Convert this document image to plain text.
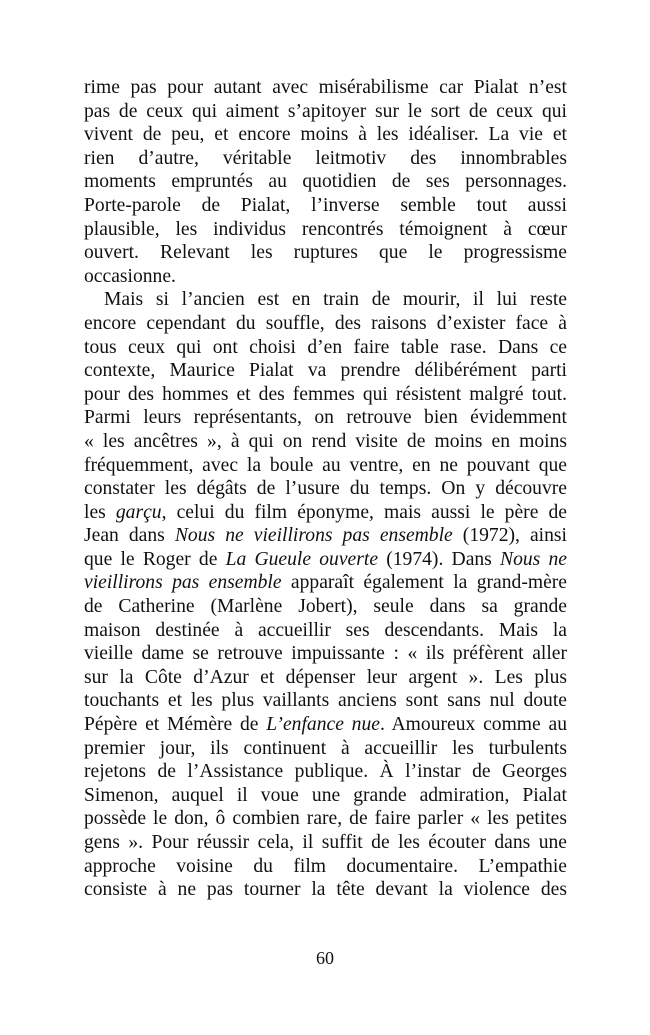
rime pas pour autant avec misérabilisme car Pialat n’est
pas de ceux qui aiment s’apitoyer sur le sort de ceux qui
vivent de peu, et encore moins à les idéaliser. La vie et
rien d’autre, véritable leitmotiv des innombrables
moments empruntés au quotidien de ses personnages.
Porte-parole de Pialat, l’inverse semble tout aussi
plausible, les individus rencontrés témoignent à cœur
ouvert. Relevant les ruptures que le progressisme
occasionne.
Mais si l’ancien est en train de mourir, il lui reste
encore cependant du souffle, des raisons d’exister face à
tous ceux qui ont choisi d’en faire table rase. Dans ce
contexte, Maurice Pialat va prendre délibérément parti
pour des hommes et des femmes qui résistent malgré tout.
Parmi leurs représentants, on retrouve bien évidemment
« les ancêtres », à qui on rend visite de moins en moins
fréquemment, avec la boule au ventre, en ne pouvant que
constater les dégâts de l’usure du temps. On y découvre
les garçu, celui du film éponyme, mais aussi le père de
Jean dans Nous ne vieillirons pas ensemble (1972), ainsi
que le Roger de La Gueule ouverte (1974). Dans Nous ne
vieillirons pas ensemble apparaît également la grand-mère
de Catherine (Marlène Jobert), seule dans sa grande
maison destinée à accueillir ses descendants. Mais la
vieille dame se retrouve impuissante : « ils préfèrent aller
sur la Côte d’Azur et dépenser leur argent ». Les plus
touchants et les plus vaillants anciens sont sans nul doute
Pépère et Mémère de L’enfance nue. Amoureux comme au
premier jour, ils continuent à accueillir les turbulents
rejetons de l’Assistance publique. À l’instar de Georges
Simenon, auquel il voue une grande admiration, Pialat
possède le don, ô combien rare, de faire parler « les petites
gens ». Pour réussir cela, il suffit de les écouter dans une
approche voisine du film documentaire. L’empathie
consiste à ne pas tourner la tête devant la violence des
60
